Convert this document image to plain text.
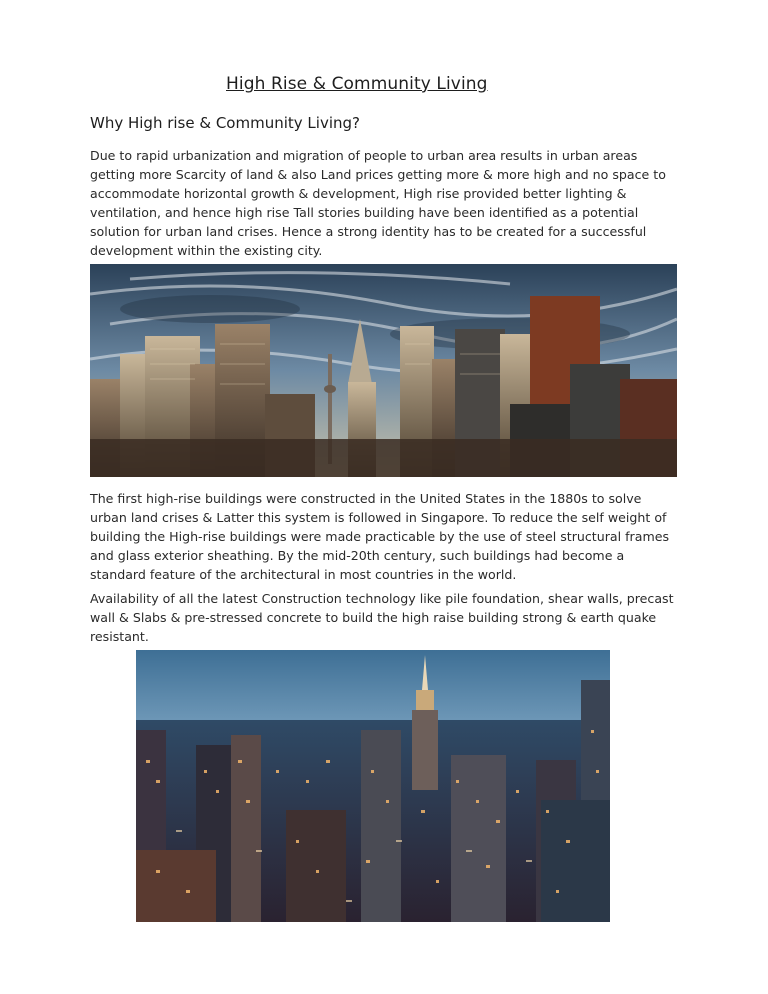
High Rise & Community Living
Why High rise & Community Living?

Due to rapid urbanization and migration of people to urban area results in urban areas getting more Scarcity of land & also Land prices getting more & more high and no space to accommodate horizontal growth & development, High rise provided better lighting & ventilation, and hence high rise Tall stories building have been identified as a potential solution for urban land crises. Hence a strong identity has to be created for a successful development within the existing city.

The first high-rise buildings were constructed in the United States in the 1880s to solve urban land crises & Latter this system is followed in Singapore. To reduce the self weight of building the High-rise buildings were made practicable by the use of steel structural frames and glass exterior sheathing. By the mid-20th century, such buildings had become a standard feature of the architectural in most countries in the world.

Availability of all the latest Construction technology like pile foundation, shear walls, precast wall & Slabs & pre-stressed concrete to build the high raise building strong & earth quake resistant.
